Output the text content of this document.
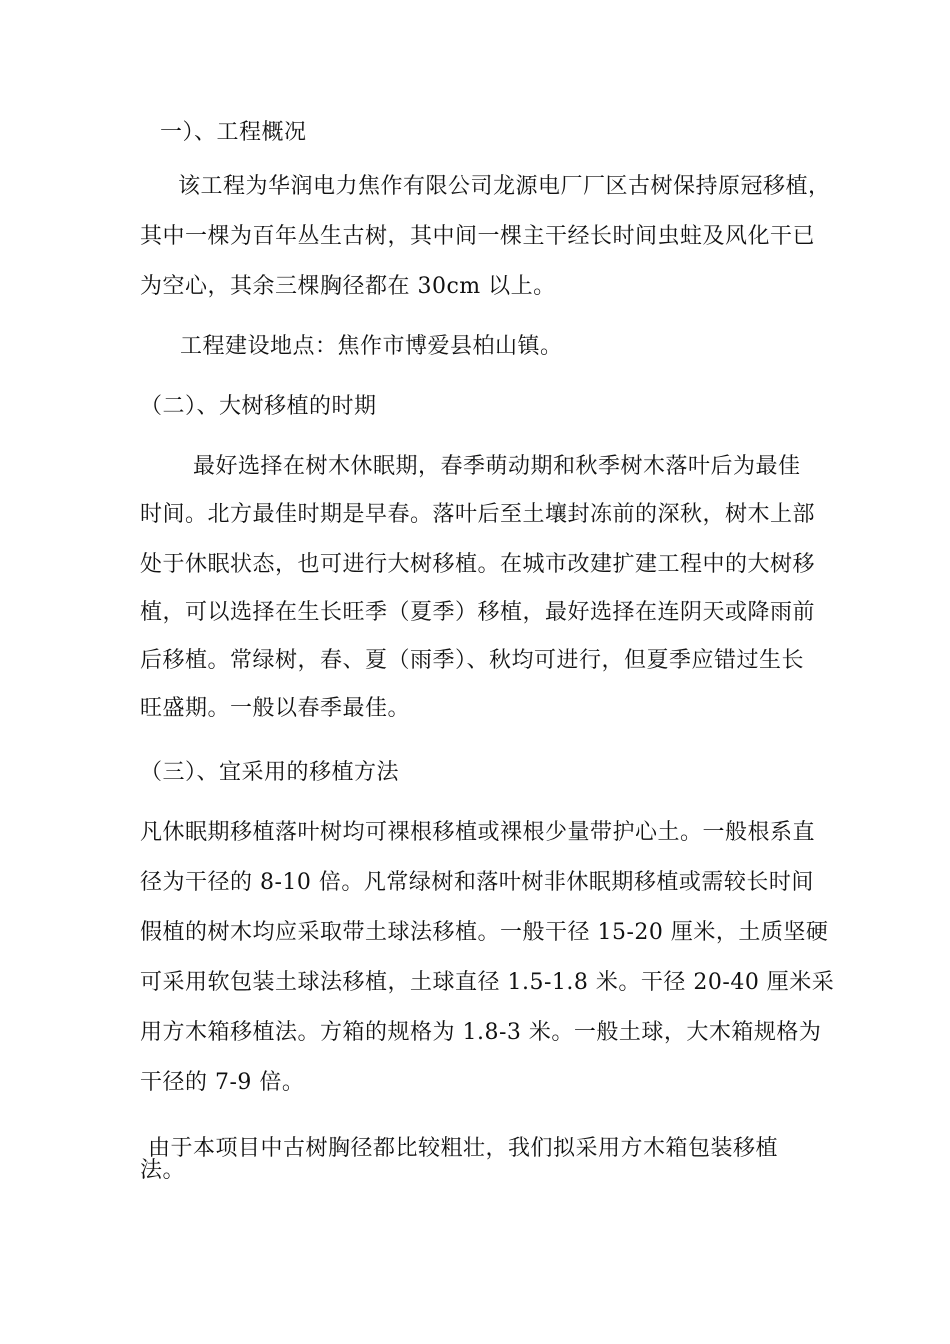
一）、工程概况
该工程为华润电力焦作有限公司龙源电厂厂区古树保持原冠移植，
其中一棵为百年丛生古树，其中间一棵主干经长时间虫蛀及风化干已
为空心，其余三棵胸径都在 30cm 以上。
工程建设地点：焦作市博爱县柏山镇。
（二）、大树移植的时期
最好选择在树木休眠期，春季萌动期和秋季树木落叶后为最佳
时间。北方最佳时期是早春。落叶后至土壤封冻前的深秋，树木上部
处于休眠状态，也可进行大树移植。在城市改建扩建工程中的大树移
植，可以选择在生长旺季（夏季）移植，最好选择在连阴天或降雨前
后移植。常绿树，春、夏（雨季）、秋均可进行，但夏季应错过生长
旺盛期。一般以春季最佳。
（三）、宜采用的移植方法
凡休眠期移植落叶树均可裸根移植或裸根少量带护心土。一般根系直
径为干径的 8-10 倍。凡常绿树和落叶树非休眠期移植或需较长时间
假植的树木均应采取带土球法移植。一般干径 15-20 厘米，土质坚硬
可采用软包装土球法移植，土球直径 1.5-1.8 米。干径 20-40 厘米采
用方木箱移植法。方箱的规格为 1.8-3 米。一般土球，大木箱规格为
干径的 7-9 倍。
由于本项目中古树胸径都比较粗壮，我们拟采用方木箱包装移植
法。
